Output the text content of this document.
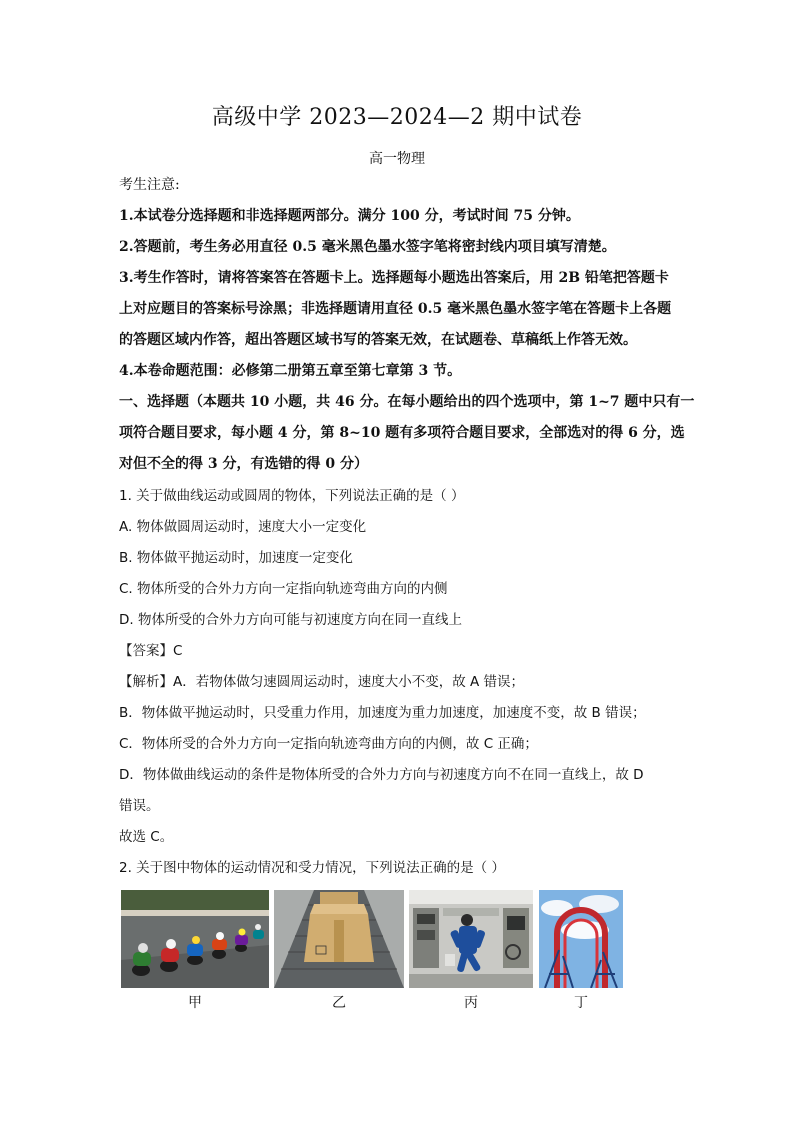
高级中学 2023—2024—2 期中试卷
高一物理
考生注意:
1.本试卷分选择题和非选择题两部分。满分 100 分，考试时间 75 分钟。
2.答题前，考生务必用直径 0.5 毫米黑色墨水签字笔将密封线内项目填写清楚。
3.考生作答时，请将答案答在答题卡上。选择题每小题选出答案后，用 2B 铅笔把答题卡
上对应题目的答案标号涂黑；非选择题请用直径 0.5 毫米黑色墨水签字笔在答题卡上各题
的答题区域内作答，超出答题区域书写的答案无效，在试题卷、草稿纸上作答无效。
4.本卷命题范围：必修第二册第五章至第七章第 3 节。
一、选择题（本题共 10 小题，共 46 分。在每小题给出的四个选项中，第 1~7 题中只有一
项符合题目要求，每小题 4 分，第 8~10 题有多项符合题目要求，全部选对的得 6 分，选
对但不全的得 3 分，有选错的得 0 分）
1. 关于做曲线运动或圆周的物体，下列说法正确的是（ ）
A. 物体做圆周运动时，速度大小一定变化
B. 物体做平抛运动时，加速度一定变化
C. 物体所受的合外力方向一定指向轨迹弯曲方向的内侧
D. 物体所受的合外力方向可能与初速度方向在同一直线上
【答案】C
【解析】A．若物体做匀速圆周运动时，速度大小不变，故 A 错误；
B．物体做平抛运动时，只受重力作用，加速度为重力加速度，加速度不变，故 B 错误；
C．物体所受的合外力方向一定指向轨迹弯曲方向的内侧，故 C 正确；
D．物体做曲线运动的条件是物体所受的合外力方向与初速度方向不在同一直线上，故 D
错误。
故选 C。
2. 关于图中物体的运动情况和受力情况，下列说法正确的是（ ）
甲	乙	丙	丁
